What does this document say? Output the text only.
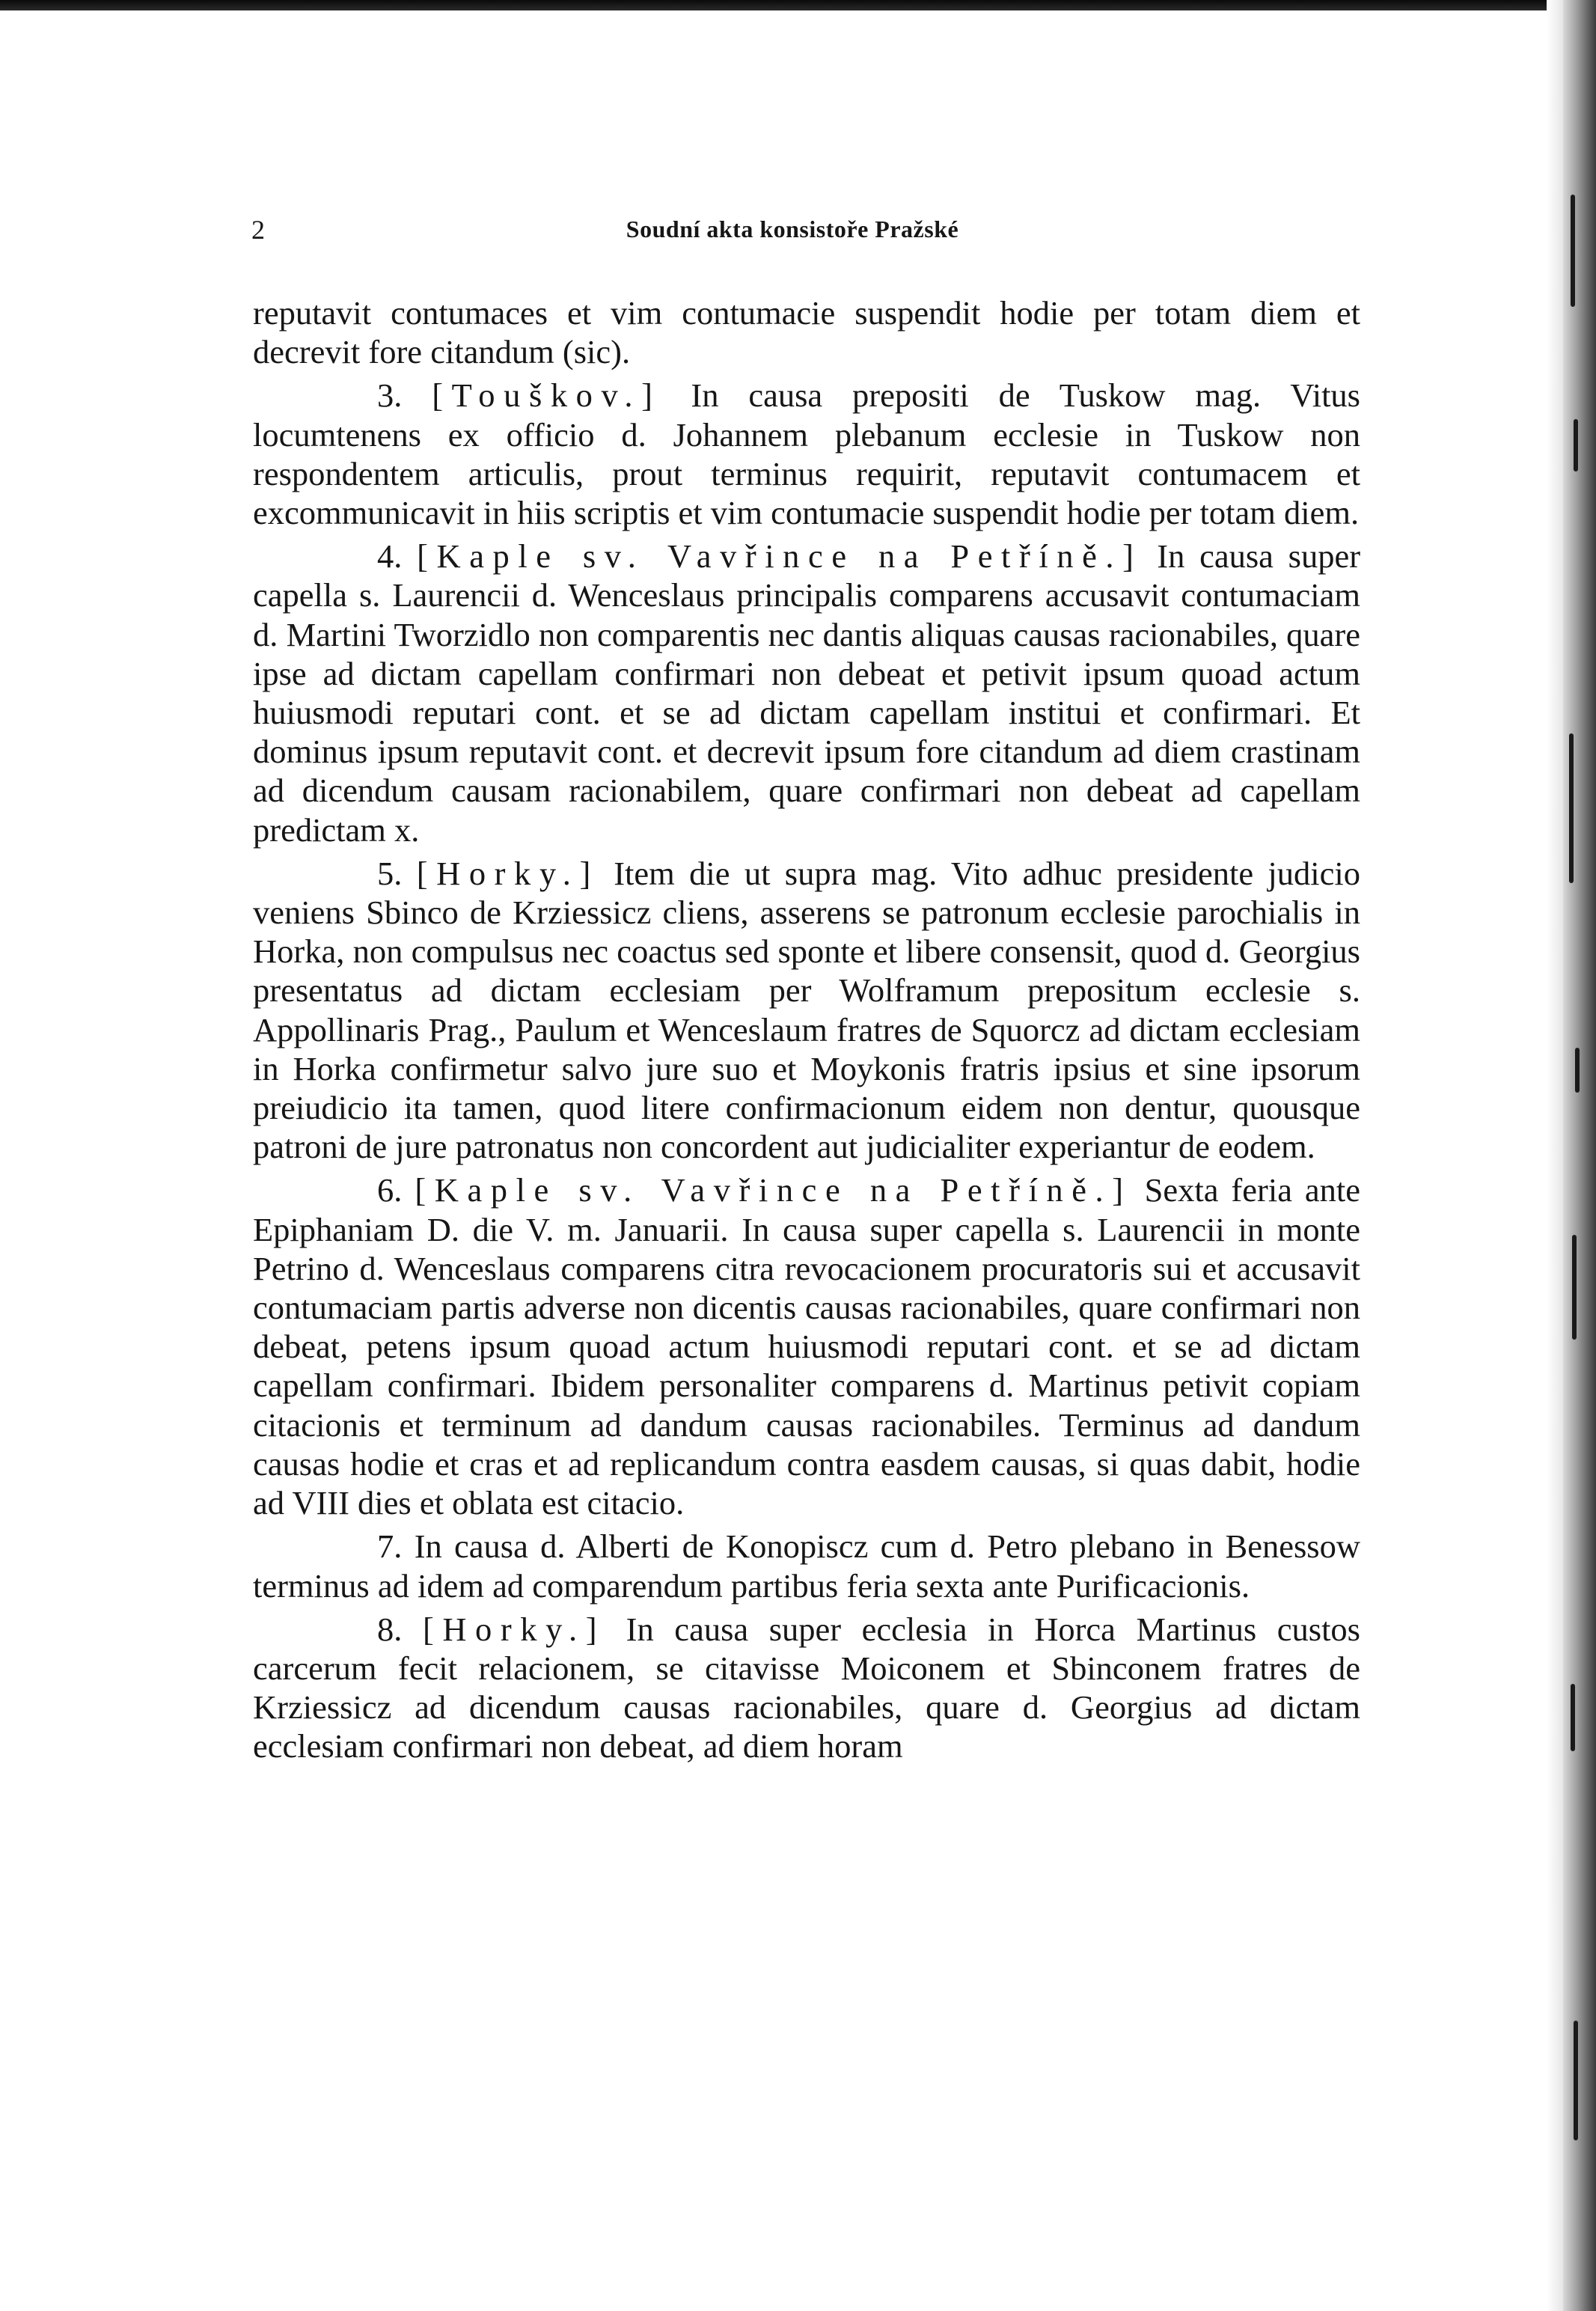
2	Soudní akta konsistoře Pražské

reputavit contumaces et vim contumacie suspendit hodie per totam diem et decrevit fore citandum (sic).

3. [Touškov.] In causa prepositi de Tuskow mag. Vitus locumtenens ex officio d. Johannem plebanum ecclesie in Tuskow non respondentem articulis, prout terminus requirit, reputavit contumacem et excommunicavit in hiis scriptis et vim contumacie suspendit hodie per totam diem.

4. [Kaple sv. Vavřince na Petříně.] In causa super capella s. Laurencii d. Wenceslaus principalis comparens accusavit contumaciam d. Martini Tworzidlo non comparentis nec dantis aliquas causas racionabiles, quare ipse ad dictam capellam confirmari non debeat et petivit ipsum quoad actum huiusmodi reputari cont. et se ad dictam capellam institui et confirmari. Et dominus ipsum reputavit cont. et decrevit ipsum fore citandum ad diem crastinam ad dicendum causam racionabilem, quare confirmari non debeat ad capellam predictam x.

5. [Horky.] Item die ut supra mag. Vito adhuc presidente judicio veniens Sbinco de Krziessicz cliens, asserens se patronum ecclesie parochialis in Horka, non compulsus nec coactus sed sponte et libere consensit, quod d. Georgius presentatus ad dictam ecclesiam per Wolframum prepositum ecclesie s. Appollinaris Prag., Paulum et Wenceslaum fratres de Squorcz ad dictam ecclesiam in Horka confirmetur salvo jure suo et Moykonis fratris ipsius et sine ipsorum preiudicio ita tamen, quod litere confirmacionum eidem non dentur, quousque patroni de jure patronatus non concordent aut judicialiter experiantur de eodem.

6. [Kaple sv. Vavřince na Petříně.] Sexta feria ante Epiphaniam D. die V. m. Januarii. In causa super capella s. Laurencii in monte Petrino d. Wenceslaus comparens citra revocacionem procuratoris sui et accusavit contumaciam partis adverse non dicentis causas racionabiles, quare confirmari non debeat, petens ipsum quoad actum huiusmodi reputari cont. et se ad dictam capellam confirmari. Ibidem personaliter comparens d. Martinus petivit copiam citacionis et terminum ad dandum causas racionabiles. Terminus ad dandum causas hodie et cras et ad replicandum contra easdem causas, si quas dabit, hodie ad VIII dies et oblata est citacio.

7. In causa d. Alberti de Konopiscz cum d. Petro plebano in Benessow terminus ad idem ad comparendum partibus feria sexta ante Purificacionis.

8. [Horky.] In causa super ecclesia in Horca Martinus custos carcerum fecit relacionem, se citavisse Moiconem et Sbinconem fratres de Krziessicz ad dicendum causas racionabiles, quare d. Georgius ad dictam ecclesiam confirmari non debeat, ad diem horam
